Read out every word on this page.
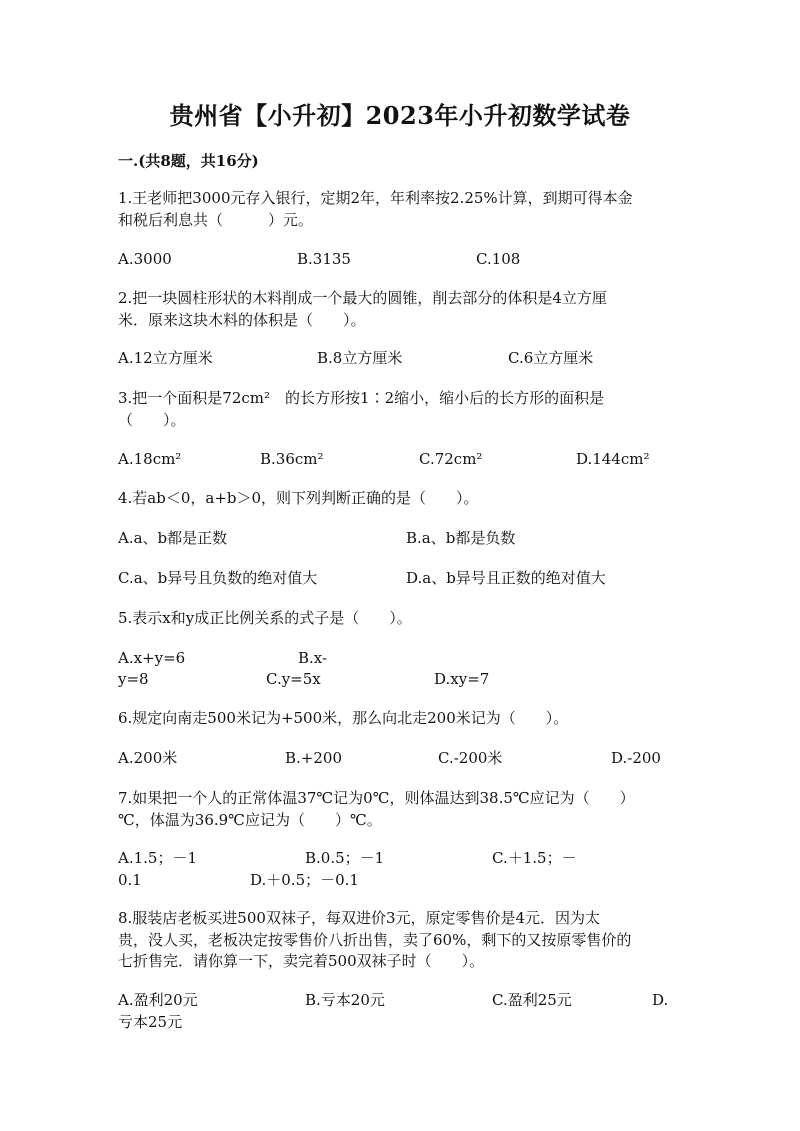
贵州省【小升初】2023年小升初数学试卷
一.(共8题，共16分)
1.王老师把3000元存入银行，定期2年，年利率按2.25%计算，到期可得本金
和税后利息共（　　　）元。
A.3000	B.3135	C.108
2.把一块圆柱形状的木料削成一个最大的圆锥，削去部分的体积是4立方厘
米．原来这块木料的体积是（　　）。
A.12立方厘米	B.8立方厘米	C.6立方厘米
3.把一个面积是72cm²　的长方形按1∶2缩小，缩小后的长方形的面积是
（　　）。
A.18cm²	B.36cm²	C.72cm²	D.144cm²
4.若ab＜0，a+b＞0，则下列判断正确的是（　　）。
A.a、b都是正数	B.a、b都是负数
C.a、b异号且负数的绝对值大	D.a、b异号且正数的绝对值大
5.表示x和y成正比例关系的式子是（　　）。
A.x+y=6	B.x-
y=8	C.y=5x	D.xy=7
6.规定向南走500米记为+500米，那么向北走200米记为（　　）。
A.200米	B.+200	C.-200米	D.-200
7.如果把一个人的正常体温37℃记为0℃，则体温达到38.5℃应记为（　　）
℃，体温为36.9℃应记为（　　）℃。
A.1.5；－1	B.0.5；－1	C.＋1.5；－
0.1	D.＋0.5；－0.1
8.服装店老板买进500双袜子，每双进价3元，原定零售价是4元．因为太
贵，没人买，老板决定按零售价八折出售，卖了60%，剩下的又按原零售价的
七折售完．请你算一下，卖完着500双袜子时（　　）。
A.盈利20元	B.亏本20元	C.盈利25元	D.
亏本25元
